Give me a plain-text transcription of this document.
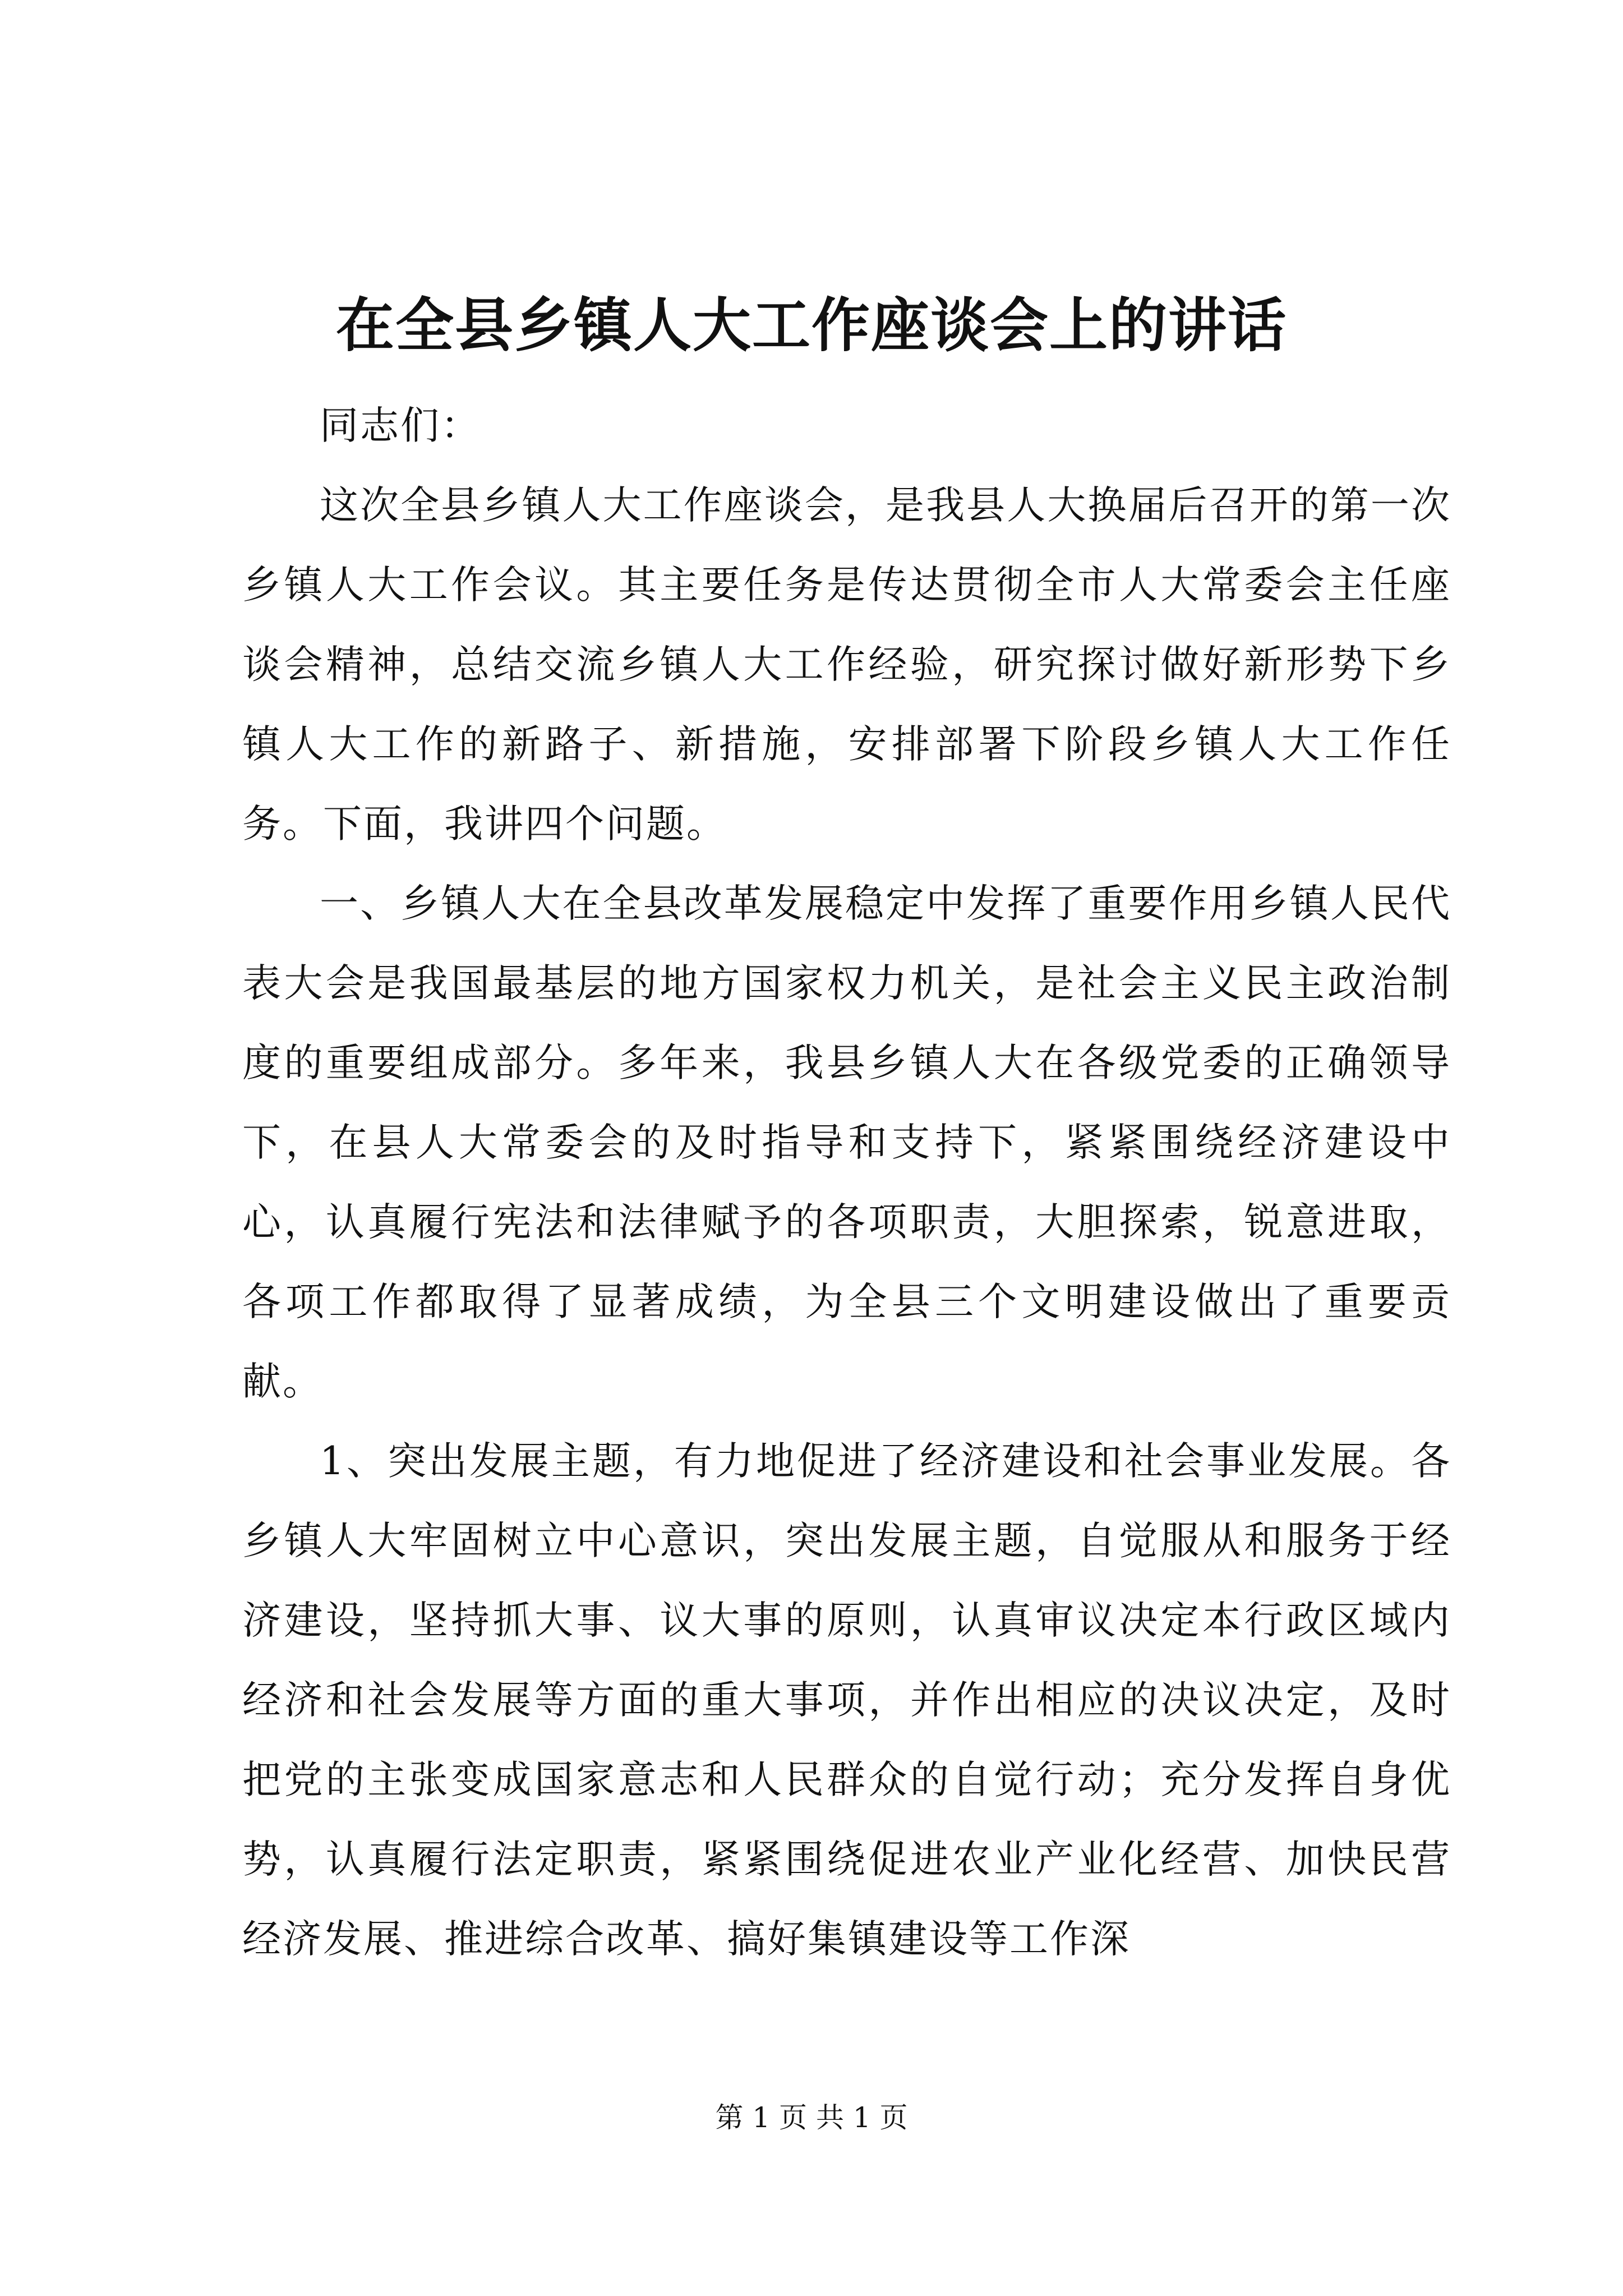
在全县乡镇人大工作座谈会上的讲话

同志们：

这次全县乡镇人大工作座谈会，是我县人大换届后召开的第一次乡镇人大工作会议。其主要任务是传达贯彻全市人大常委会主任座谈会精神，总结交流乡镇人大工作经验，研究探讨做好新形势下乡镇人大工作的新路子、新措施，安排部署下阶段乡镇人大工作任务。下面，我讲四个问题。

一、乡镇人大在全县改革发展稳定中发挥了重要作用乡镇人民代表大会是我国最基层的地方国家权力机关，是社会主义民主政治制度的重要组成部分。多年来，我县乡镇人大在各级党委的正确领导下，在县人大常委会的及时指导和支持下，紧紧围绕经济建设中心，认真履行宪法和法律赋予的各项职责，大胆探索，锐意进取，各项工作都取得了显著成绩，为全县三个文明建设做出了重要贡献。

1、突出发展主题，有力地促进了经济建设和社会事业发展。各乡镇人大牢固树立中心意识，突出发展主题，自觉服从和服务于经济建设，坚持抓大事、议大事的原则，认真审议决定本行政区域内经济和社会发展等方面的重大事项，并作出相应的决议决定，及时把党的主张变成国家意志和人民群众的自觉行动；充分发挥自身优势，认真履行法定职责，紧紧围绕促进农业产业化经营、加快民营经济发展、推进综合改革、搞好集镇建设等工作深

第 1 页 共 1 页
